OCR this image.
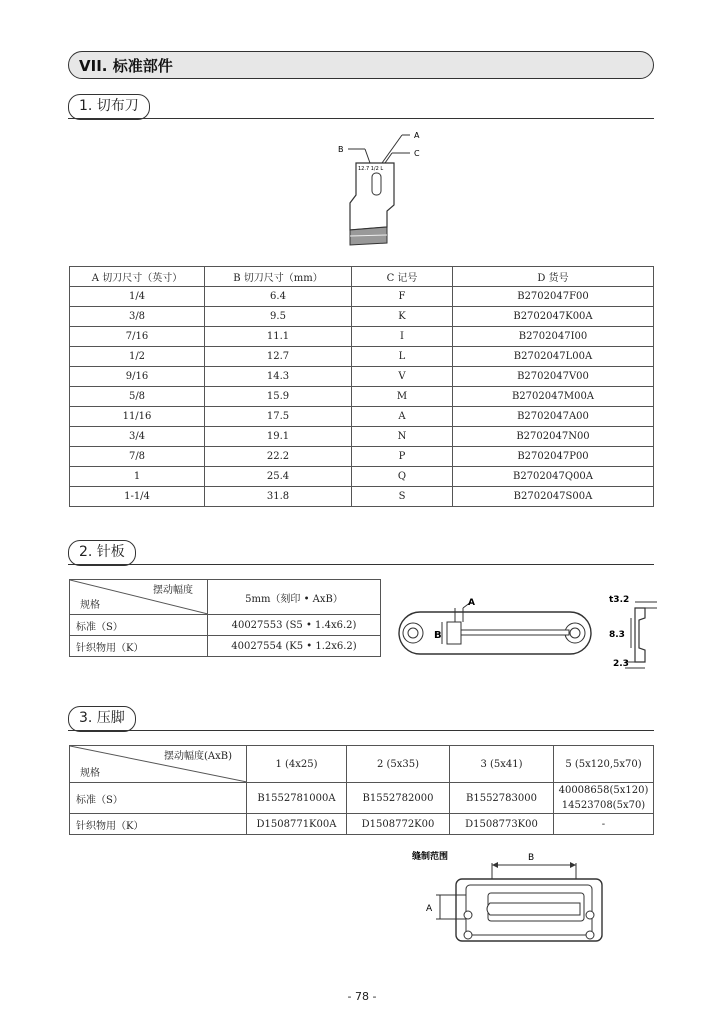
VII. 标准部件
1. 切布刀
B
A
C
12.7 1/2 L
A 切刀尺寸（英寸）	B 切刀尺寸（mm）	C 记号	D 货号
1/4	6.4	F	B2702047F00
3/8	9.5	K	B2702047K00A
7/16	11.1	I	B2702047I00
1/2	12.7	L	B2702047L00A
9/16	14.3	V	B2702047V00
5/8	15.9	M	B2702047M00A
11/16	17.5	A	B2702047A00
3/4	19.1	N	B2702047N00
7/8	22.2	P	B2702047P00
1	25.4	Q	B2702047Q00A
1-1/4	31.8	S	B2702047S00A
2. 针板
摆动幅度
规格	5mm（刻印 • AxB）
标准（S）	40027553 (S5 • 1.4x6.2)
针织物用（K）	40027554 (K5 • 1.2x6.2)
A
B
t3.2
8.3
2.3
3. 压脚
摆动幅度(AxB)
规格	1 (4x25)	2 (5x35)	3 (5x41)	5 (5x120,5x70)
标准（S）	B1552781000A	B1552782000	B1552783000	40008658(5x120)
14523708(5x70)

针织物用（K）	D1508771K00A	D1508772K00	D1508773K00	-
缝制范围	B
A
- 78 -
